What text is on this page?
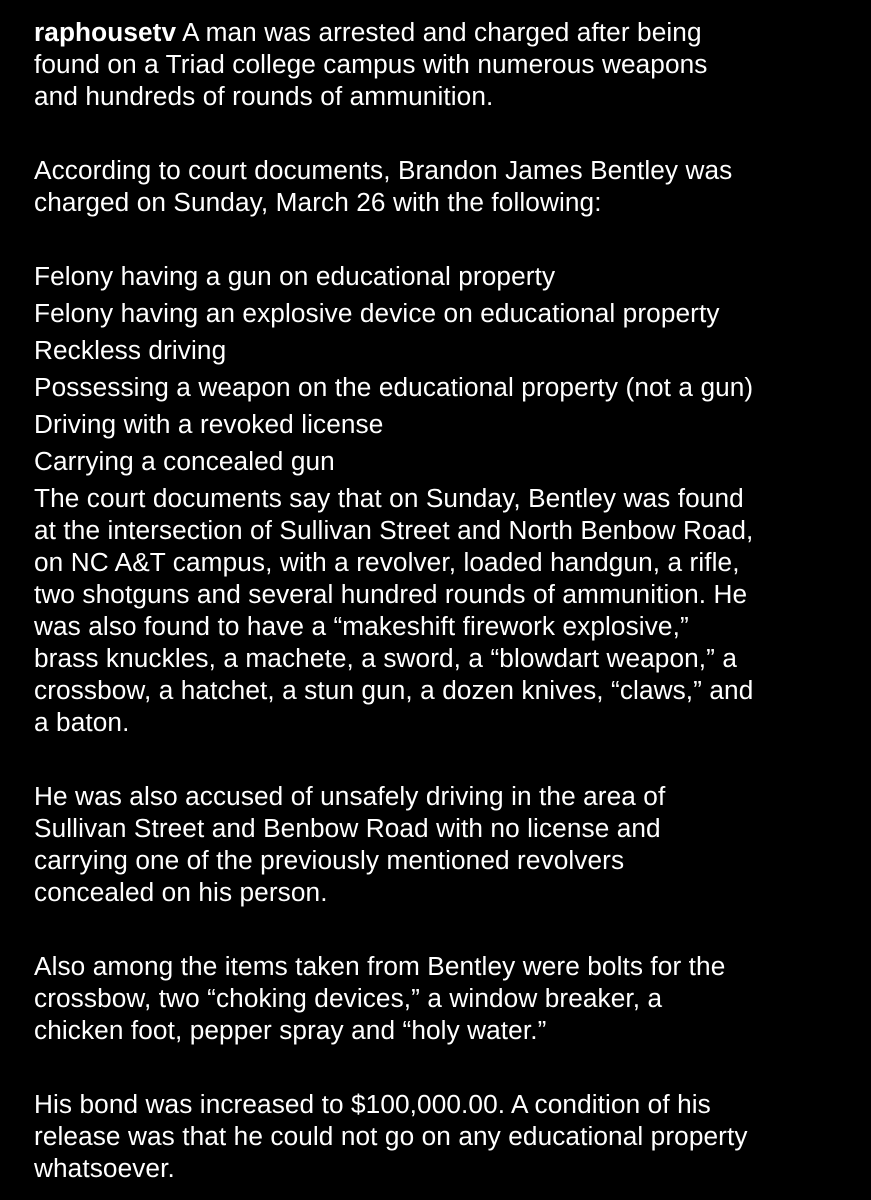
raphousetv A man was arrested and charged after being
found on a Triad college campus with numerous weapons
and hundreds of rounds of ammunition.
According to court documents, Brandon James Bentley was
charged on Sunday, March 26 with the following:
Felony having a gun on educational property
Felony having an explosive device on educational property
Reckless driving
Possessing a weapon on the educational property (not a gun)
Driving with a revoked license
Carrying a concealed gun
The court documents say that on Sunday, Bentley was found
at the intersection of Sullivan Street and North Benbow Road,
on NC A&T campus, with a revolver, loaded handgun, a rifle,
two shotguns and several hundred rounds of ammunition. He
was also found to have a “makeshift firework explosive,”
brass knuckles, a machete, a sword, a “blowdart weapon,” a
crossbow, a hatchet, a stun gun, a dozen knives, “claws,” and
a baton.
He was also accused of unsafely driving in the area of
Sullivan Street and Benbow Road with no license and
carrying one of the previously mentioned revolvers
concealed on his person.
Also among the items taken from Bentley were bolts for the
crossbow, two “choking devices,” a window breaker, a
chicken foot, pepper spray and “holy water.”
His bond was increased to $100,000.00. A condition of his
release was that he could not go on any educational property
whatsoever.
